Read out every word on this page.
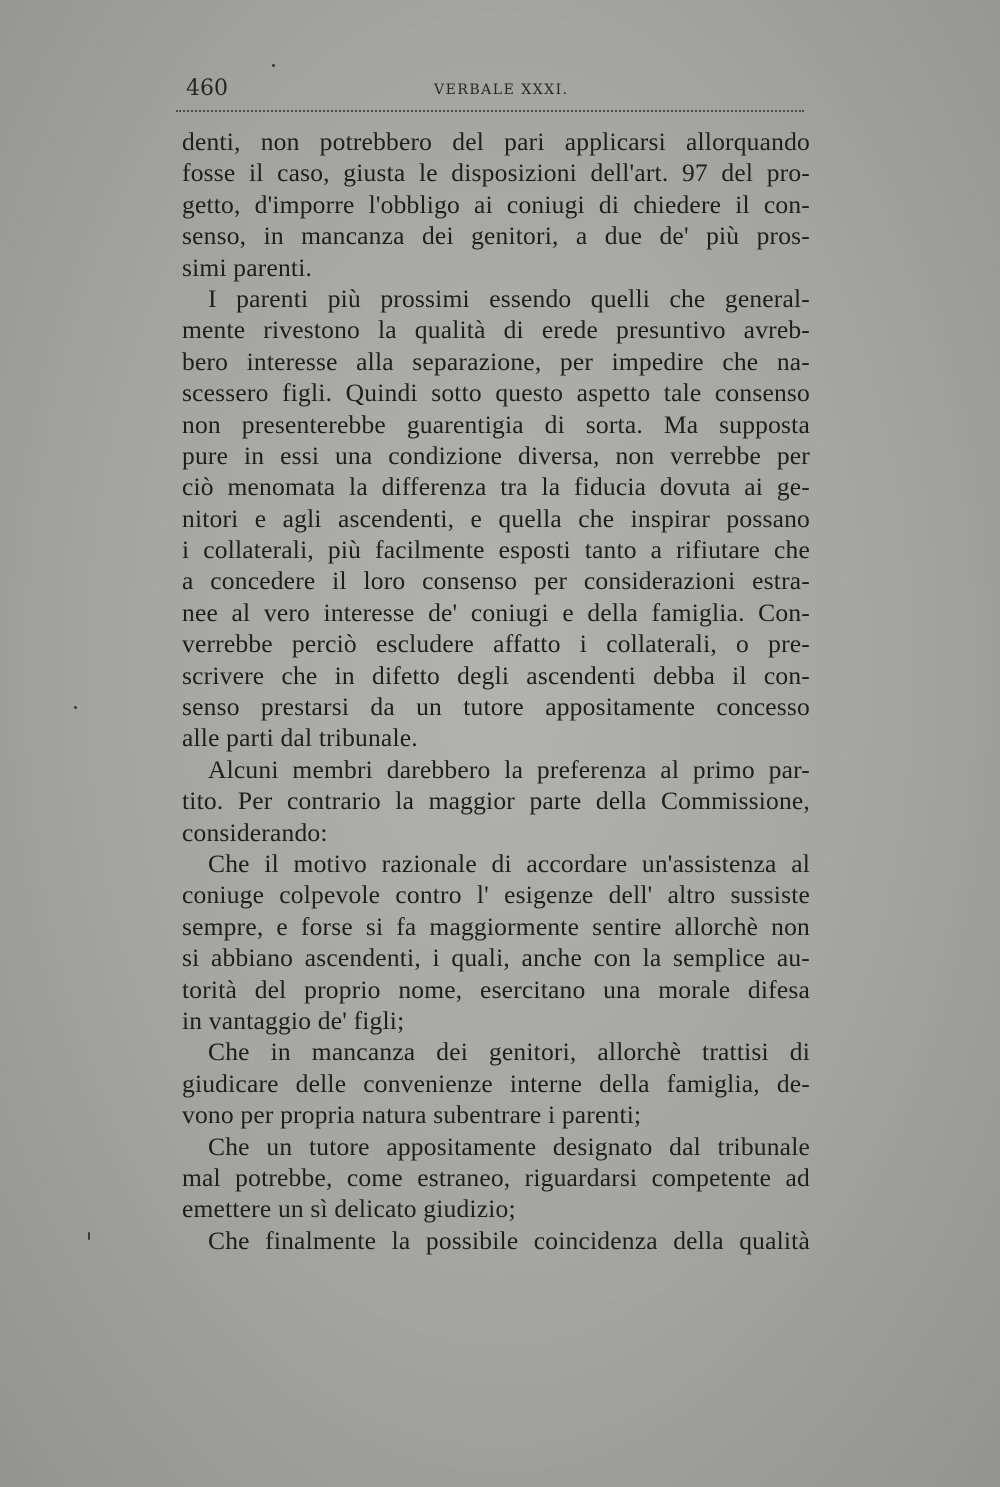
460	VERBALE XXXI.
denti, non potrebbero del pari applicarsi allorquando
fosse il caso, giusta le disposizioni dell'art. 97 del pro-
getto, d'imporre l'obbligo ai coniugi di chiedere il con-
senso, in mancanza dei genitori, a due de' più pros-
simi parenti.
I parenti più prossimi essendo quelli che general-
mente rivestono la qualità di erede presuntivo avreb-
bero interesse alla separazione, per impedire che na-
scessero figli. Quindi sotto questo aspetto tale consenso
non presenterebbe guarentigia di sorta. Ma supposta
pure in essi una condizione diversa, non verrebbe per
ciò menomata la differenza tra la fiducia dovuta ai ge-
nitori e agli ascendenti, e quella che inspirar possano
i collaterali, più facilmente esposti tanto a rifiutare che
a concedere il loro consenso per considerazioni estra-
nee al vero interesse de' coniugi e della famiglia. Con-
verrebbe perciò escludere affatto i collaterali, o pre-
scrivere che in difetto degli ascendenti debba il con-
senso prestarsi da un tutore appositamente concesso
alle parti dal tribunale.
Alcuni membri darebbero la preferenza al primo par-
tito. Per contrario la maggior parte della Commissione,
considerando:
Che il motivo razionale di accordare un'assistenza al
coniuge colpevole contro l' esigenze dell' altro sussiste
sempre, e forse si fa maggiormente sentire allorchè non
si abbiano ascendenti, i quali, anche con la semplice au-
torità del proprio nome, esercitano una morale difesa
in vantaggio de' figli;
Che in mancanza dei genitori, allorchè trattisi di
giudicare delle convenienze interne della famiglia, de-
vono per propria natura subentrare i parenti;
Che un tutore appositamente designato dal tribunale
mal potrebbe, come estraneo, riguardarsi competente ad
emettere un sì delicato giudizio;
Che finalmente la possibile coincidenza della qualità
